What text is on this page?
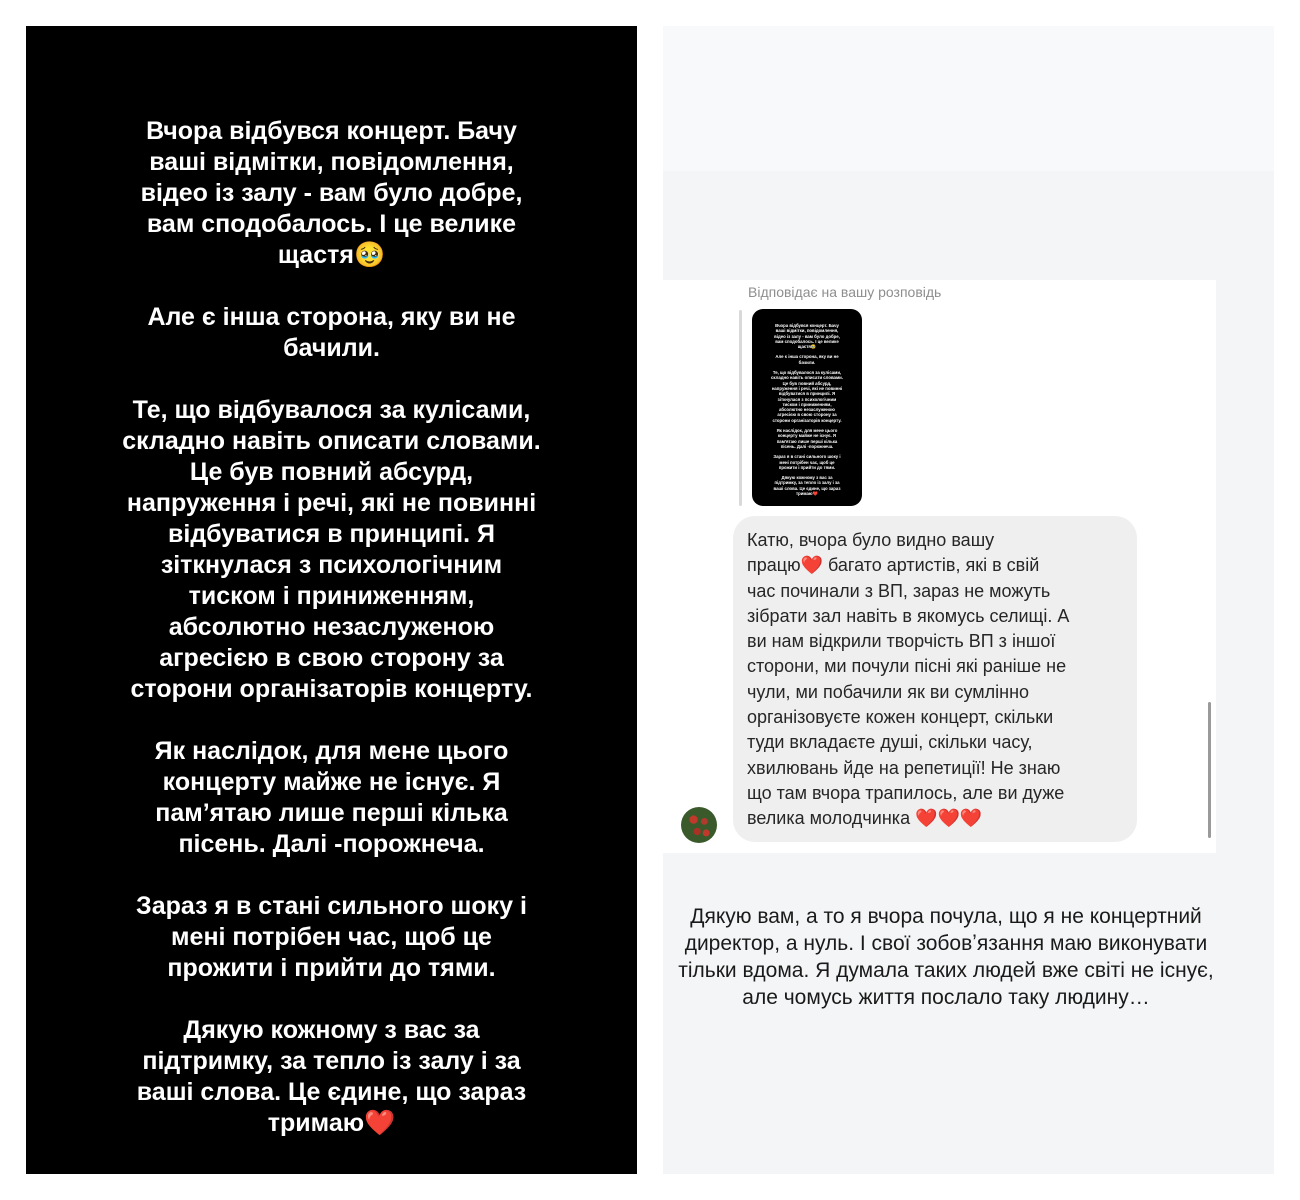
Вчора відбувся концерт. Бачу
ваші відмітки, повідомлення,
відео із залу - вам було добре,
вам сподобалось. І це велике
щастя🥹

Але є інша сторона, яку ви не
бачили.

Те, що відбувалося за кулісами,
складно навіть описати словами.
Це був повний абсурд,
напруження і речі, які не повинні
відбуватися в принципі. Я
зіткнулася з психологічним
тиском і приниженням,
абсолютно незаслуженою
агресією в свою сторону за
сторони організаторів концерту.

Як наслідок, для мене цього
концерту майже не існує. Я
пам’ятаю лише перші кілька
пісень. Далі -порожнеча.

Зараз я в стані сильного шоку і
мені потрібен час, щоб це
прожити і прийти до тями.

Дякую кожному з вас за
підтримку, за тепло із залу і за
ваші слова. Це єдине, що зараз
тримаю❤️

Відповідає на вашу розповідь

Вчора відбувся концерт. Бачу
ваші відмітки, повідомлення,
відео із залу - вам було добре,
вам сподобалось. І це велике
щастя🥹

Але є інша сторона, яку ви не
бачили.

Те, що відбувалося за кулісами,
складно навіть описати словами.
Це був повний абсурд,
напруження і речі, які не повинні
відбуватися в принципі. Я
зіткнулася з психологічним
тиском і приниженням,
абсолютно незаслуженою
агресією в свою сторону за
сторони організаторів концерту.

Як наслідок, для мене цього
концерту майже не існує. Я
пам’ятаю лише перші кілька
пісень. Далі -порожнеча.

Зараз я в стані сильного шоку і
мені потрібен час, щоб це
прожити і прийти до тями.

Дякую кожному з вас за
підтримку, за тепло із залу і за
ваші слова. Це єдине, що зараз
тримаю❤️

Катю, вчора було видно вашу
працю❤️ багато артистів, які в свій
час починали з ВП, зараз не можуть
зібрати зал навіть в якомусь селищі. А
ви нам відкрили творчість ВП з іншої
сторони, ми почули пісні які раніше не
чули, ми побачили як ви сумлінно
організовуєте кожен концерт, скільки
туди вкладаєте душі, скільки часу,
хвилювань йде на репетиції! Не знаю
що там вчора трапилось, але ви дуже
велика молодчинка ❤️❤️❤️
Дякую вам, а то я вчора почула, що я не концертний
директор, а нуль. І свої зобовʼязання маю виконувати
тільки вдома. Я думала таких людей вже світі не існує,
але чомусь життя послало таку людину…
